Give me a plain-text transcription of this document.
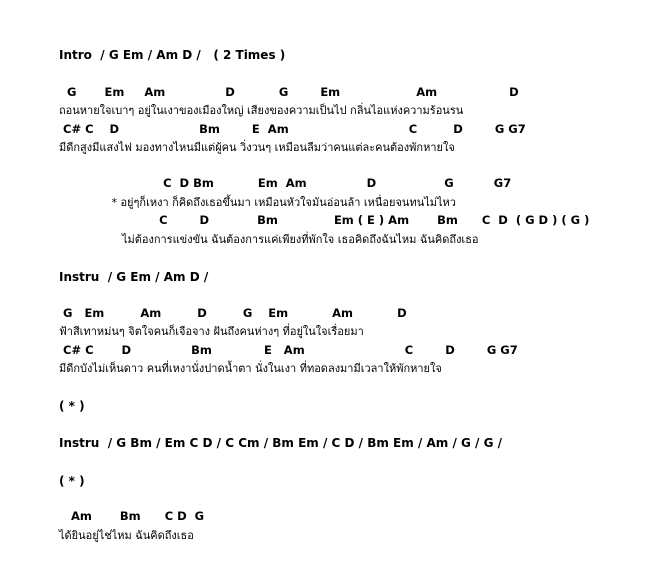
Intro  / G Em / Am D /   ( 2 Times )
G       Em     Am               D           G        Em                   Am                  D
ถอนหายใจเบาๆ อยู่ในเงาของเมืองใหญ่ เสียงของความเป็นไป กลิ่นไอแห่งความร้อนรน
C# C    D                    Bm        E  Am                              C         D        G G7
มีดีกสูงมีแสงไฟ มองทางไหนมีแต่ผู้คน วิ่งวนๆ เหมือนลืมว่าคนแต่ละคนต้องพักหายใจ
C  D Bm           Em  Am               D                 G          G7
* อยู่ๆก็เหงา ก็คิดถึงเธอขึ้นมา เหมือนหัวใจมันอ่อนล้า เหนื่อยจนทนไม่ไหว
C        D            Bm              Em ( E ) Am       Bm      C  D  ( G D ) ( G )
ไม่ต้องการแข่งขัน ฉันต้องการแค่เพียงที่พักใจ เธอคิดถึงฉันไหม ฉันคิดถึงเธอ
Instru  / G Em / Am D /
G   Em         Am         D         G    Em           Am           D
ฟ้าสีเทาหม่นๆ จิตใจคนก็เจือจาง ฝันถึงคนห่างๆ ที่อยู่ในใจเรื่อยมา
C# C       D               Bm             E   Am                         C        D        G G7
มีดีกบังไม่เห็นดาว คนที่เหงานั่งปาดน้ำตา นั่งในเงา ที่ทอดลงมามีเวลาให้พักหายใจ
( * )
Instru  / G Bm / Em C D / C Cm / Bm Em / C D / Bm Em / Am / G / G /
( * )
Am       Bm      C D  G
ได้ยินอยู่ไช่ไหม ฉันคิดถึงเธอ
